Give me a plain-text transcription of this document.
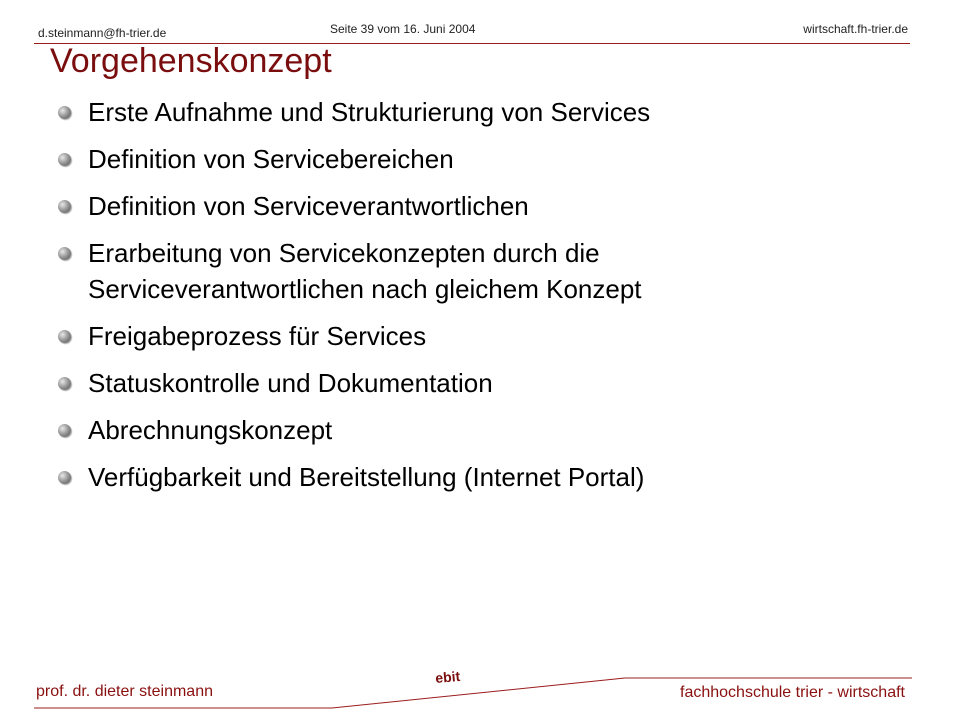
d.steinmann@fh-trier.de	Seite 39 vom 16. Juni 2004	wirtschaft.fh-trier.de
Vorgehenskonzept
Erste Aufnahme und Strukturierung von Services
Definition von Servicebereichen
Definition von Serviceverantwortlichen
Erarbeitung von Servicekonzepten durch die Serviceverantwortlichen nach gleichem Konzept
Freigabeprozess für Services
Statuskontrolle und Dokumentation
Abrechnungskonzept
Verfügbarkeit und Bereitstellung (Internet Portal)
prof. dr. dieter steinmann
ebit
fachhochschule trier - wirtschaft
